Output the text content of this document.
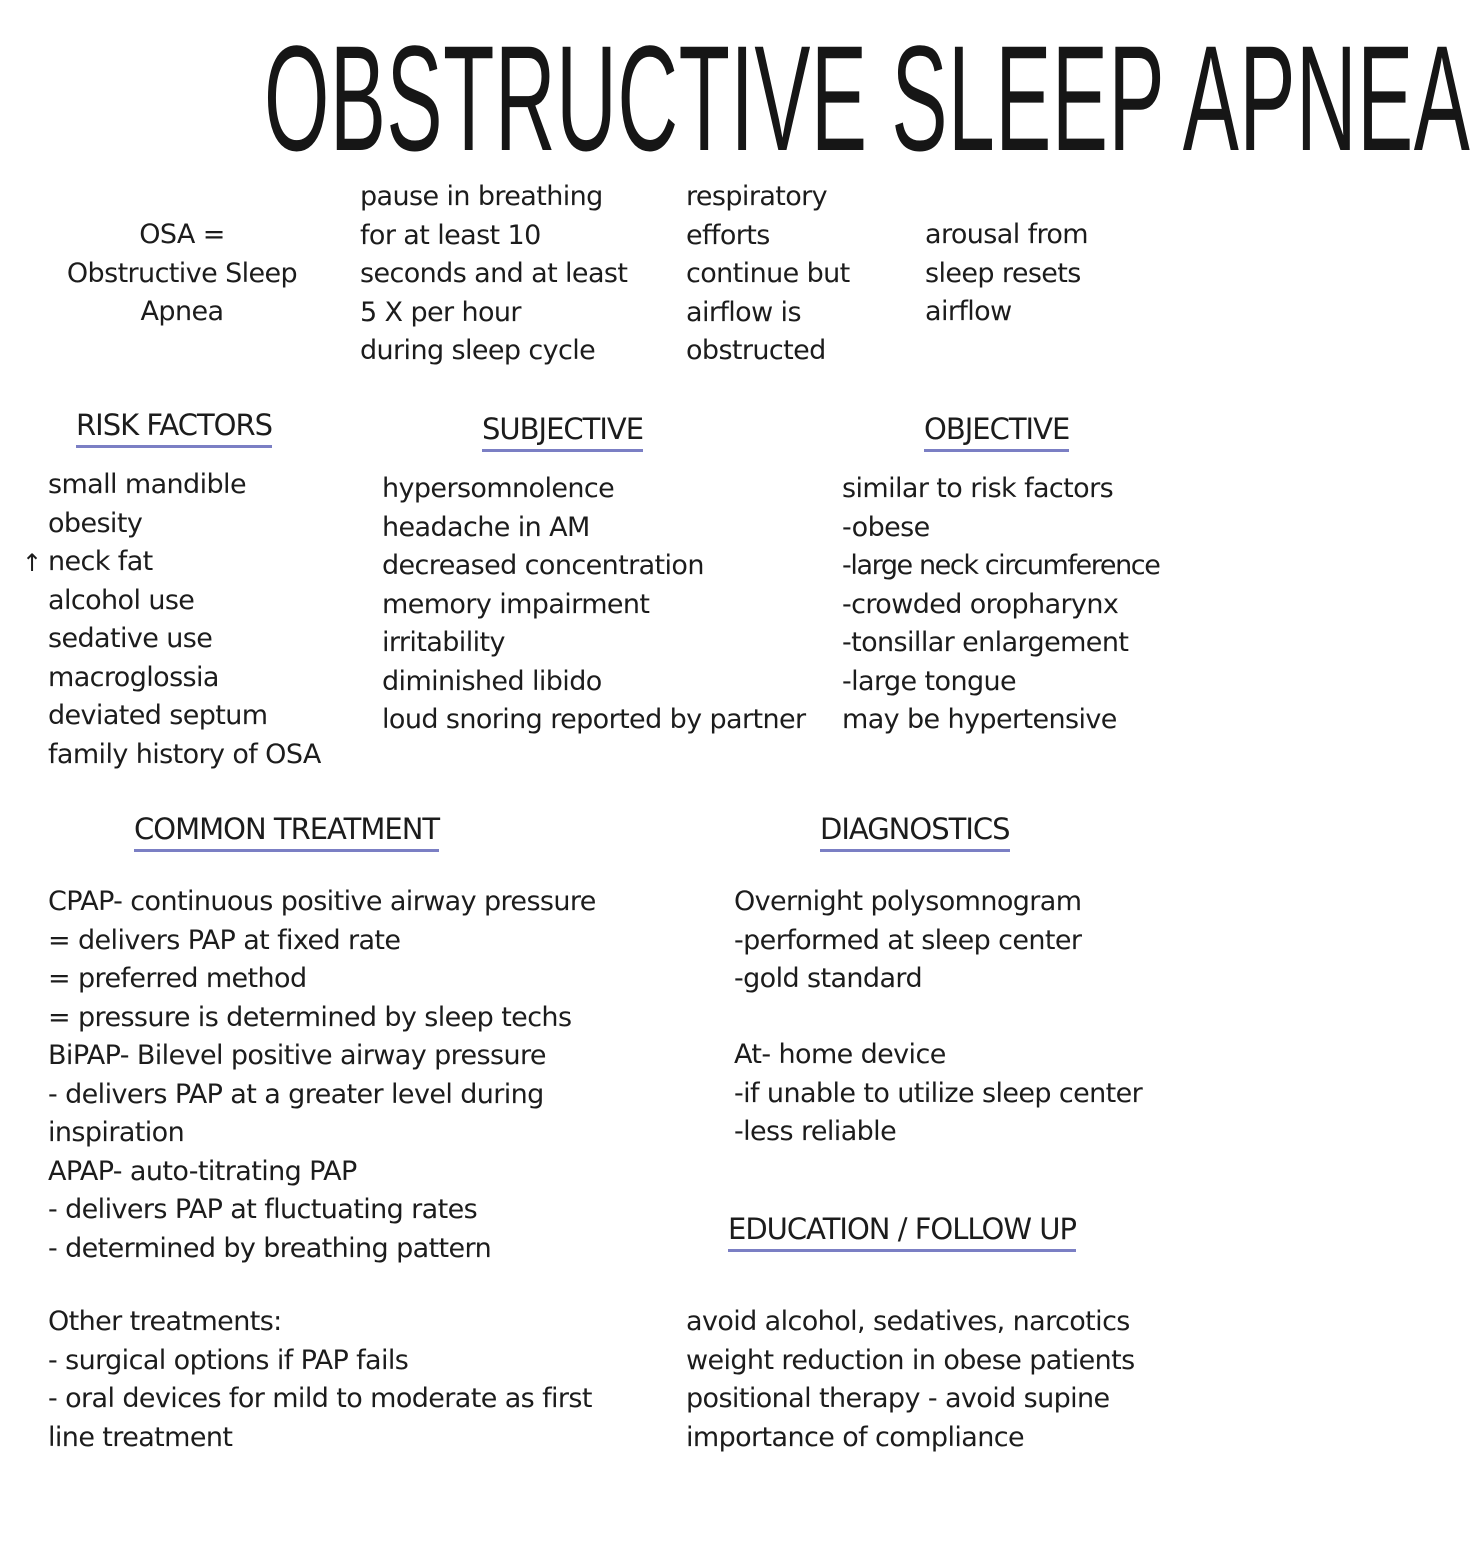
OBSTRUCTIVE SLEEP APNEA
OSA =
Obstructive Sleep
Apnea
pause in breathing
for at least 10
seconds and at least
5 X per hour
during sleep cycle
respiratory
efforts
continue but
airflow is
obstructed
arousal from
sleep resets
airflow
RISK FACTORS
↑
small mandible
obesity
neck fat
alcohol use
sedative use
macroglossia
deviated septum
family history of OSA
SUBJECTIVE
hypersomnolence
headache in AM
decreased concentration
memory impairment
irritability
diminished libido
loud snoring reported by partner
OBJECTIVE
similar to risk factors
-obese
-large neck circumference
-crowded oropharynx
-tonsillar enlargement
-large tongue
may be hypertensive
COMMON TREATMENT
CPAP- continuous positive airway pressure
= delivers PAP at fixed rate
= preferred method
= pressure is determined by sleep techs
BiPAP- Bilevel positive airway pressure
- delivers PAP at a greater level during
inspiration
APAP- auto-titrating PAP
- delivers PAP at fluctuating rates
- determined by breathing pattern
Other treatments:
- surgical options if PAP fails
- oral devices for mild to moderate as first
line treatment
DIAGNOSTICS
Overnight polysomnogram
-performed at sleep center
-gold standard
At- home device
-if unable to utilize sleep center
-less reliable
EDUCATION / FOLLOW UP
avoid alcohol, sedatives, narcotics
weight reduction in obese patients
positional therapy - avoid supine
importance of compliance
